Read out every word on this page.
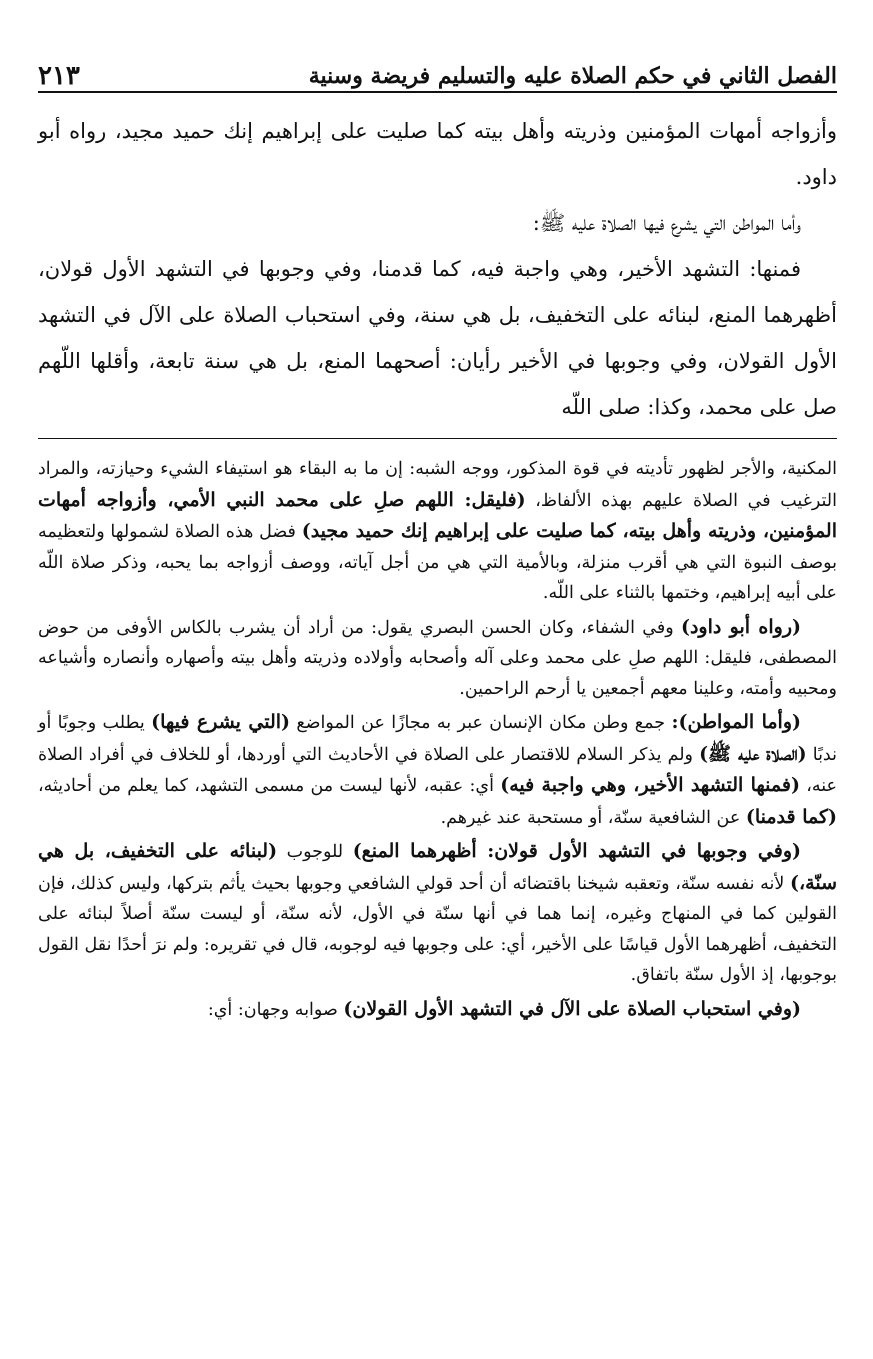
الفصل الثاني في حكم الصلاة عليه والتسليم فريضة وسنية
٢١٣

وأزواجه أمهات المؤمنين وذريته وأهل بيته كما صليت على إبراهيم إنك حميد مجيد، رواه أبو داود.

وأما المواطن التي يشرع فيها الصلاة عليه ﷺ:

فمنها: التشهد الأخير، وهي واجبة فيه، كما قدمنا، وفي وجوبها في التشهد الأول قولان، أظهرهما المنع، لبنائه على التخفيف، بل هي سنة، وفي استحباب الصلاة على الآل في التشهد الأول القولان، وفي وجوبها في الأخير رأيان: أصحهما المنع، بل هي سنة تابعة، وأقلها اللّهم صل على محمد، وكذا: صلى اللّه

المكنية، والأجر لظهور تأديته في قوة المذكور، ووجه الشبه: إن ما به البقاء هو استيفاء الشيء وحيازته، والمراد الترغيب في الصلاة عليهم بهذه الألفاظ، (فليقل: اللهم صلِ على محمد النبي الأمي، وأزواجه أمهات المؤمنين، وذريته وأهل بيته، كما صليت على إبراهيم إنك حميد مجيد) فضل هذه الصلاة لشمولها ولتعظيمه بوصف النبوة التي هي أقرب منزلة، وبالأمية التي هي من أجل آياته، ووصف أزواجه بما يحبه، وذكر صلاة اللّه على أبيه إبراهيم، وختمها بالثناء على اللّه.

(رواه أبو داود) وفي الشفاء، وكان الحسن البصري يقول: من أراد أن يشرب بالكاس الأوفى من حوض المصطفى، فليقل: اللهم صلِ على محمد وعلى آله وأصحابه وأولاده وذريته وأهل بيته وأصهاره وأنصاره وأشياعه ومحبيه وأمته، وعلينا معهم أجمعين يا أرحم الراحمين.

(وأما المواطن): جمع وطن مكان الإنسان عبر به مجازًا عن المواضع (التي يشرع فيها) يطلب وجوبًا أو ندبًا (الصلاة عليه ﷺ) ولم يذكر السلام للاقتصار على الصلاة في الأحاديث التي أوردها، أو للخلاف في أفراد الصلاة عنه، (فمنها التشهد الأخير، وهي واجبة فيه) أي: عقبه، لأنها ليست من مسمى التشهد، كما يعلم من أحاديثه، (كما قدمنا) عن الشافعية سنّة، أو مستحبة عند غيرهم.

(وفي وجوبها في التشهد الأول قولان: أظهرهما المنع) للوجوب (لبنائه على التخفيف، بل هي سنّة،) لأنه نفسه سنّة، وتعقبه شيخنا باقتضائه أن أحد قولي الشافعي وجوبها بحيث يأثم بتركها، وليس كذلك، فإن القولين كما في المنهاج وغيره، إنما هما في أنها سنّة في الأول، لأنه سنّة، أو ليست سنّة أصلاً لبنائه على التخفيف، أظهرهما الأول قياسًا على الأخير، أي: على وجوبها فيه لوجوبه، قال في تقريره: ولم نرَ أحدًا نقل القول بوجوبها، إذ الأول سنّة باتفاق.

(وفي استحباب الصلاة على الآل في التشهد الأول القولان) صوابه وجهان: أي:
